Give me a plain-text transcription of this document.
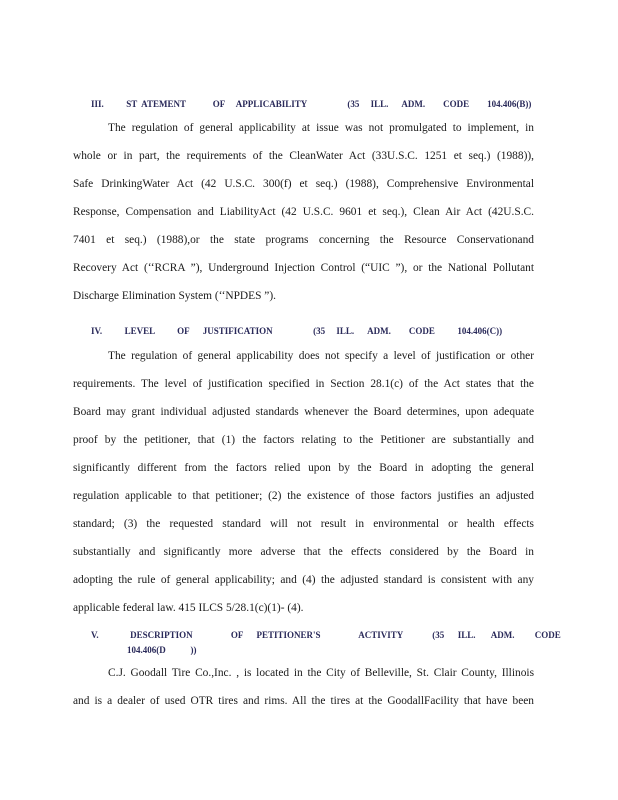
III.          ST  ATEMENT            OF     APPLICABILITY                  (35     ILL.      ADM.        CODE        104.406(B))
The regulation of general applicability at issue was not promulgated to implement, in
whole or in part, the requirements of the CleanWater Act (33U.S.C. 1251 et seq.) (1988)),
Safe DrinkingWater Act (42 U.S.C. 300(f) et seq.) (1988), Comprehensive Environmental
Response, Compensation and LiabilityAct (42 U.S.C. 9601 et seq.), Clean Air Act (42U.S.C.
7401 et seq.) (1988),or the state programs concerning the Resource Conservationand
Recovery Act (‘‘RCRA ”), Underground Injection Control (“UIC ”), or the National Pollutant
Discharge Elimination System (‘‘NPDES ”).
IV.          LEVEL          OF      JUSTIFICATION                  (35     ILL.      ADM.        CODE          104.406(C))
The regulation of general applicability does not specify a level of justification or other
requirements. The level of justification specified in Section 28.1(c) of the Act states that the
Board may grant individual adjusted standards whenever the Board determines, upon adequate
proof by the petitioner, that (1) the factors relating to the Petitioner are substantially and
significantly different from the factors relied upon by the Board in adopting the general
regulation applicable to that petitioner; (2) the existence of those factors justifies an adjusted
standard; (3) the requested standard will not result in environmental or health effects
substantially and significantly more adverse that the effects considered by the Board in
adopting the rule of general applicability; and (4) the adjusted standard is consistent with any
applicable federal law. 415 ILCS 5/28.1(c)(1)- (4).
V.              DESCRIPTION                 OF      PETITIONER'S                 ACTIVITY             (35      ILL.       ADM.         CODE
104.406(D           ))
C.J. Goodall Tire Co.,Inc. , is located in the City of Belleville, St. Clair County, Illinois
and is a dealer of used OTR tires and rims. All the tires at the GoodallFacility that have been
